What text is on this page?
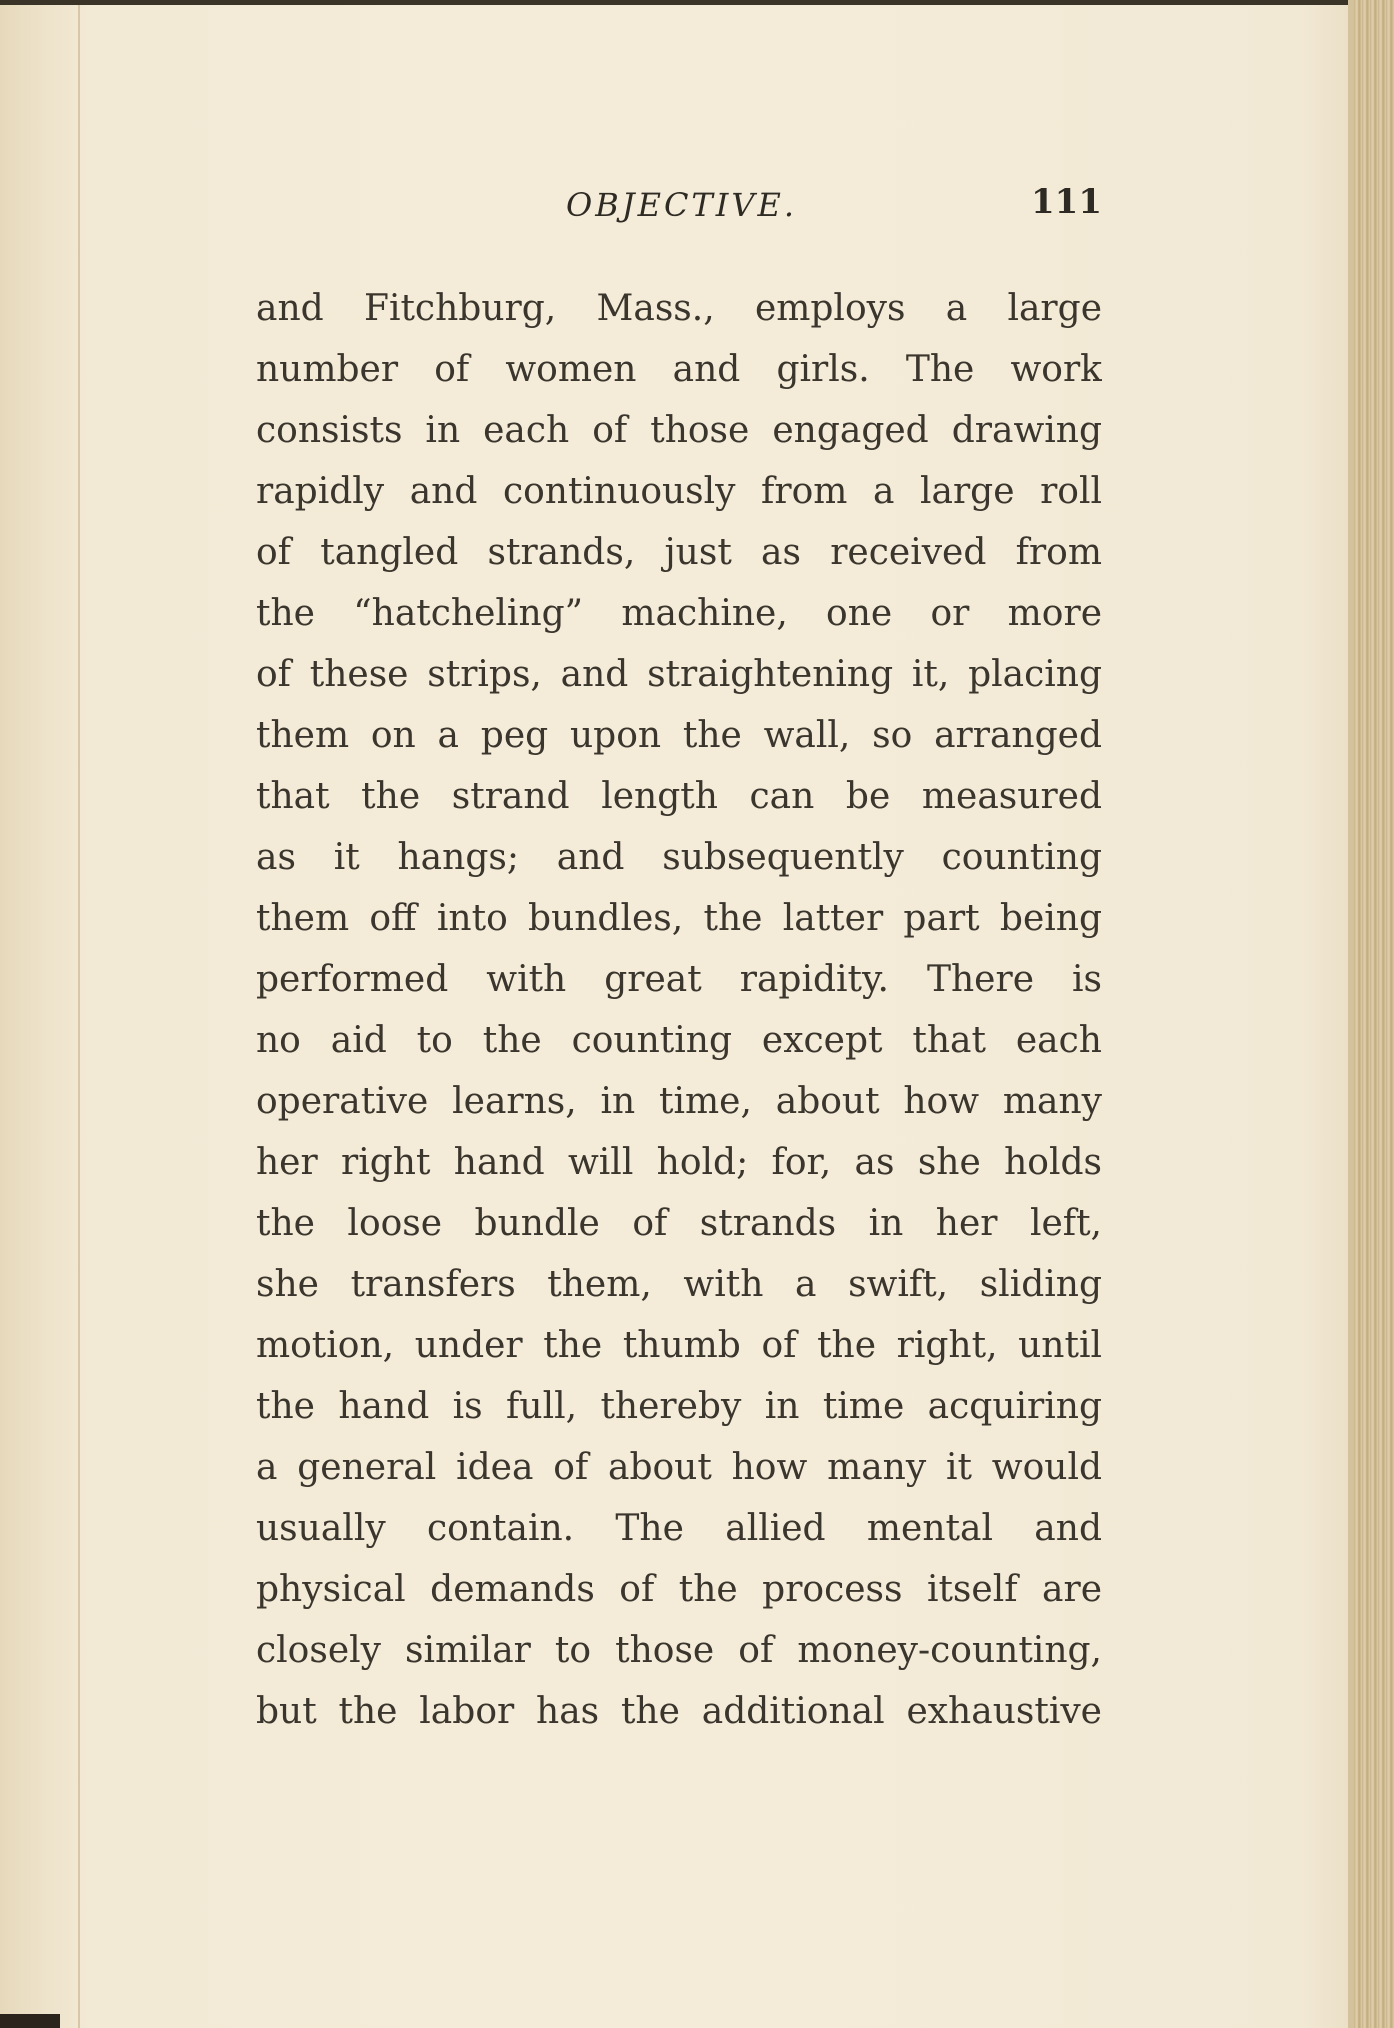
OBJECTIVE.	111
and Fitchburg, Mass., employs a large
number of women and girls. The work
consists in each of those engaged drawing
rapidly and continuously from a large roll
of tangled strands, just as received from
the “hatcheling” machine, one or more
of these strips, and straightening it, placing
them on a peg upon the wall, so arranged
that the strand length can be measured
as it hangs; and subsequently counting
them off into bundles, the latter part being
performed with great rapidity. There is
no aid to the counting except that each
operative learns, in time, about how many
her right hand will hold; for, as she holds
the loose bundle of strands in her left,
she transfers them, with a swift, sliding
motion, under the thumb of the right, until
the hand is full, thereby in time acquiring
a general idea of about how many it would
usually contain. The allied mental and
physical demands of the process itself are
closely similar to those of money-counting,
but the labor has the additional exhaustive
